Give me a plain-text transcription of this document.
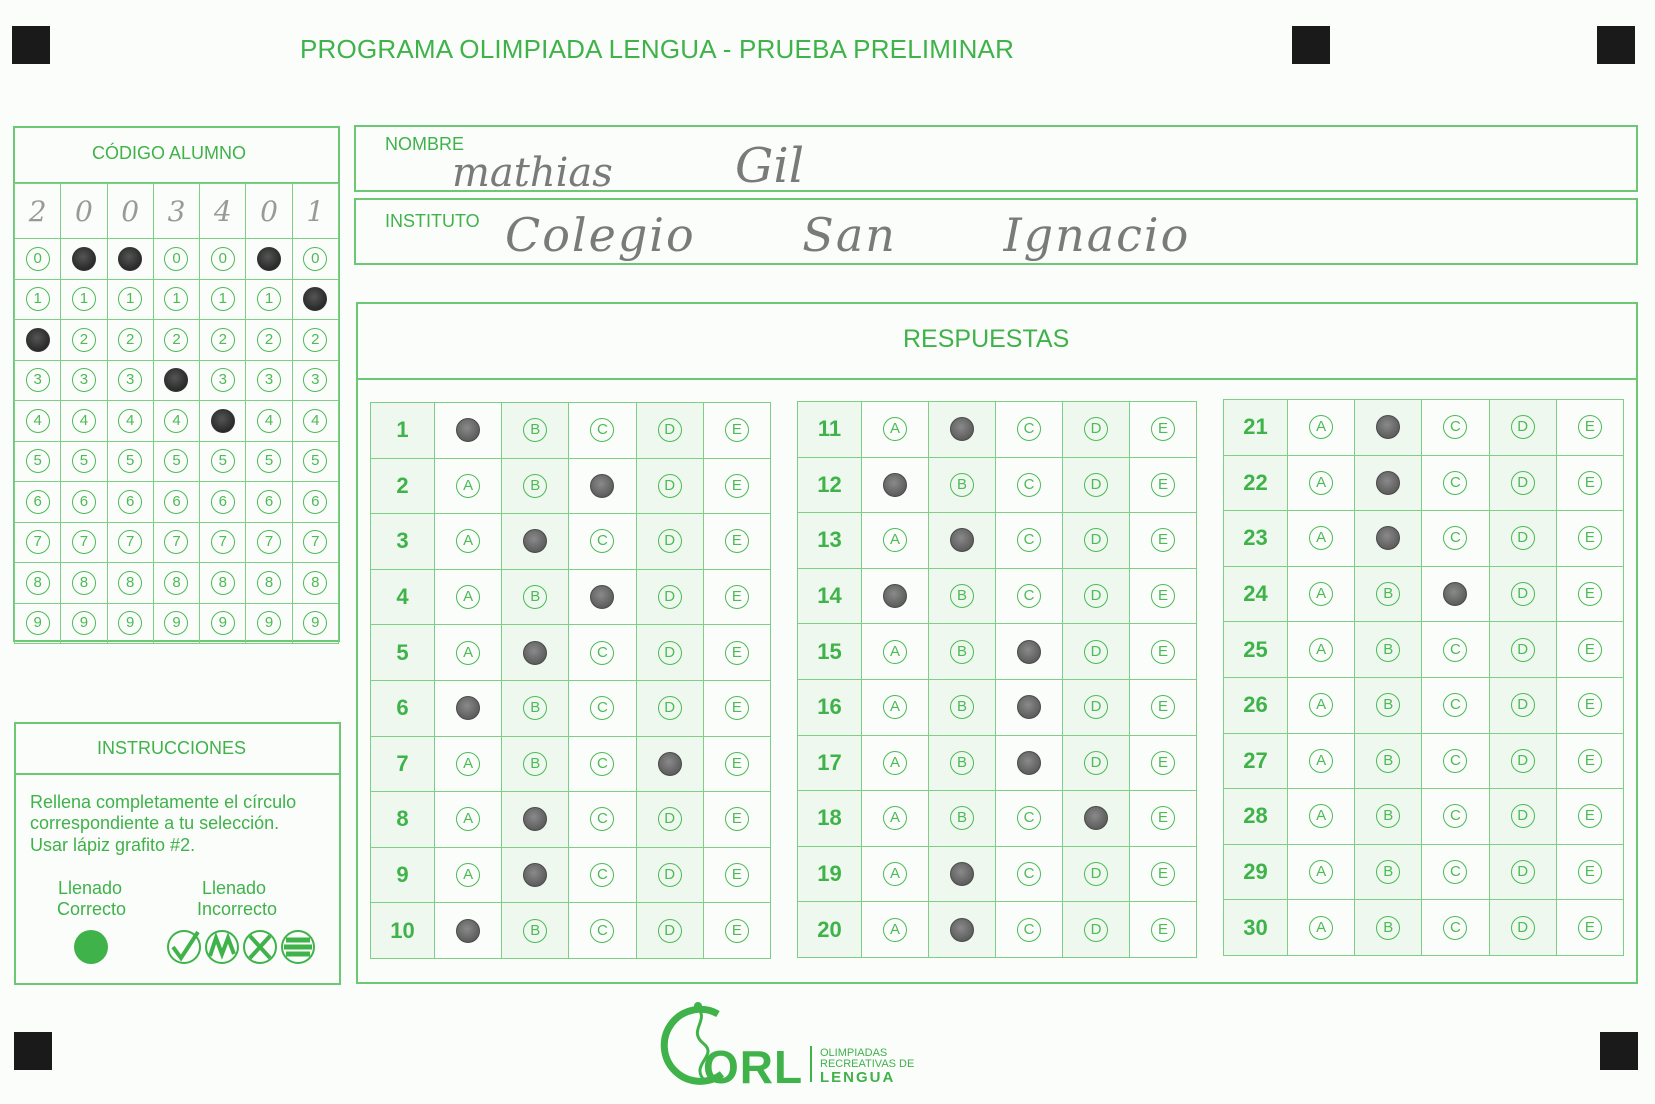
PROGRAMA OLIMPIADA LENGUA - PRUEBA PRELIMINAR
CÓDIGO ALUMNO
2	0	0	3	4	0	1
0			0	0		0
1	1	1	1	1	1	
	2	2	2	2	2	2
3	3	3		3	3	3
4	4	4	4		4	4
5	5	5	5	5	5	5
6	6	6	6	6	6	6
7	7	7	7	7	7	7
8	8	8	8	8	8	8
9	9	9	9	9	9	9
NOMBRE
mathias	Gil
INSTITUTO Colegio San Ignacio
RESPUESTAS
1		B	C	D	E
2	A	B		D	E
3	A		C	D	E
4	A	B		D	E
5	A		C	D	E
6		B	C	D	E
7	A	B	C		E
8	A		C	D	E
9	A		C	D	E
10		B	C	D	E
11	A		C	D	E
12		B	C	D	E
13	A		C	D	E
14		B	C	D	E
15	A	B		D	E
16	A	B		D	E
17	A	B		D	E
18	A	B	C		E
19	A		C	D	E
20	A		C	D	E
21	A		C	D	E
22	A		C	D	E
23	A		C	D	E
24	A	B		D	E
25	A	B	C	D	E
26	A	B	C	D	E
27	A	B	C	D	E
28	A	B	C	D	E
29	A	B	C	D	E
30	A	B	C	D	E
INSTRUCCIONES
Rellena completamente el círculo
correspondiente a tu selección.
Usar lápiz grafito #2.
Llenado
Correcto
Llenado
Incorrecto
ORL OLIMPIADAS
RECREATIVAS DE
LENGUA
